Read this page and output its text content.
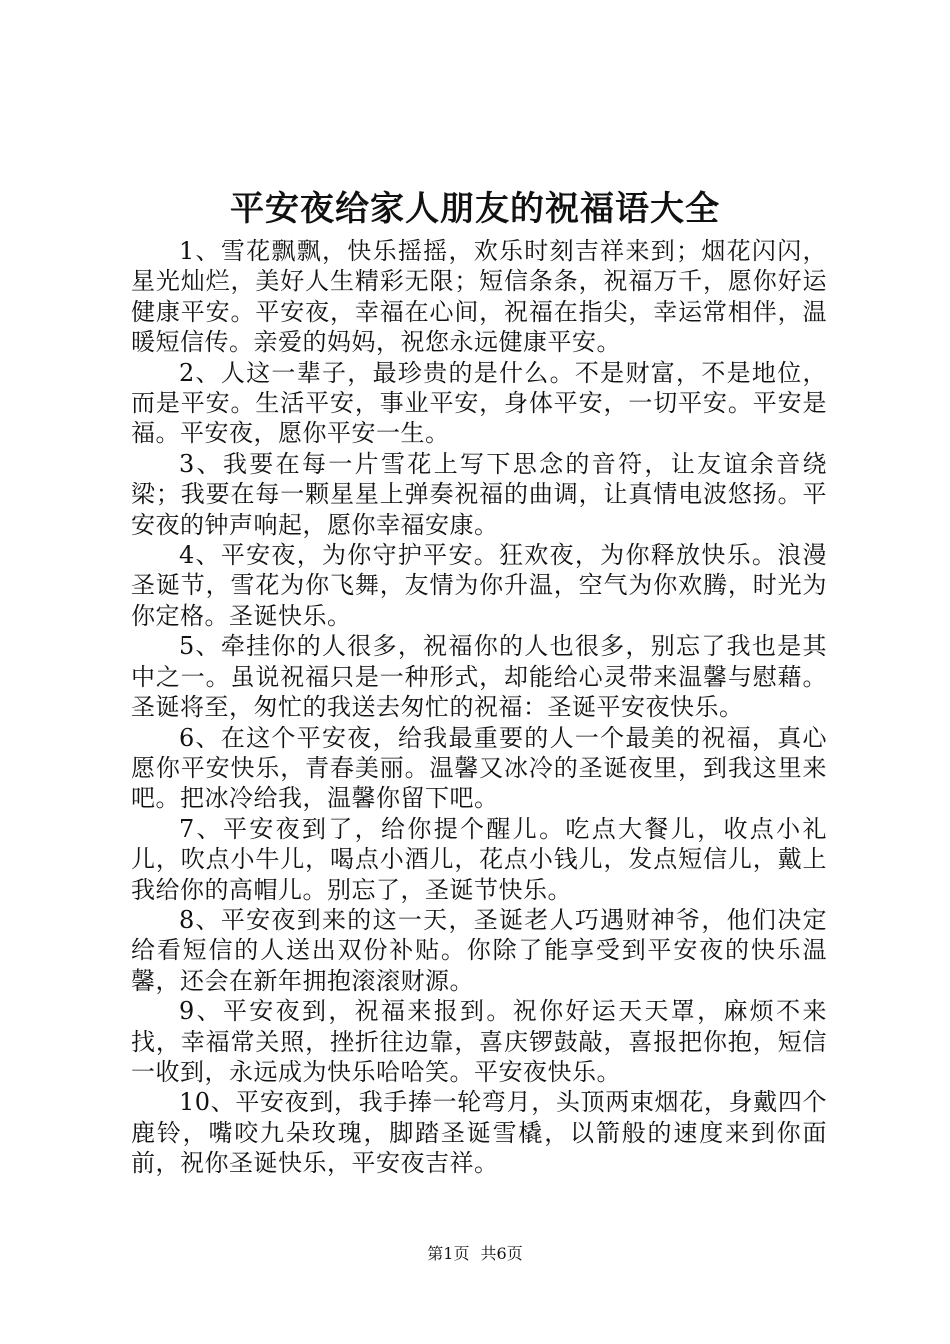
平安夜给家人朋友的祝福语大全

1、雪花飘飘，快乐摇摇，欢乐时刻吉祥来到；烟花闪闪，星光灿烂，美好人生精彩无限；短信条条，祝福万千，愿你好运健康平安。平安夜，幸福在心间，祝福在指尖，幸运常相伴，温暖短信传。亲爱的妈妈，祝您永远健康平安。

2、人这一辈子，最珍贵的是什么。不是财富，不是地位，而是平安。生活平安，事业平安，身体平安，一切平安。平安是福。平安夜，愿你平安一生。

3、我要在每一片雪花上写下思念的音符，让友谊余音绕梁；我要在每一颗星星上弹奏祝福的曲调，让真情电波悠扬。平安夜的钟声响起，愿你幸福安康。

4、平安夜，为你守护平安。狂欢夜，为你释放快乐。浪漫圣诞节，雪花为你飞舞，友情为你升温，空气为你欢腾，时光为你定格。圣诞快乐。

5、牵挂你的人很多，祝福你的人也很多，别忘了我也是其中之一。虽说祝福只是一种形式，却能给心灵带来温馨与慰藉。圣诞将至，匆忙的我送去匆忙的祝福：圣诞平安夜快乐。

6、在这个平安夜，给我最重要的人一个最美的祝福，真心愿你平安快乐，青春美丽。温馨又冰冷的圣诞夜里，到我这里来吧。把冰冷给我，温馨你留下吧。

7、平安夜到了，给你提个醒儿。吃点大餐儿，收点小礼儿，吹点小牛儿，喝点小酒儿，花点小钱儿，发点短信儿，戴上我给你的高帽儿。别忘了，圣诞节快乐。

8、平安夜到来的这一天，圣诞老人巧遇财神爷，他们决定给看短信的人送出双份补贴。你除了能享受到平安夜的快乐温馨，还会在新年拥抱滚滚财源。

9、平安夜到，祝福来报到。祝你好运天天罩，麻烦不来找，幸福常关照，挫折往边靠，喜庆锣鼓敲，喜报把你抱，短信一收到，永远成为快乐哈哈笑。平安夜快乐。

10、平安夜到，我手捧一轮弯月，头顶两束烟花，身戴四个鹿铃，嘴咬九朵玫瑰，脚踏圣诞雪橇，以箭般的速度来到你面前，祝你圣诞快乐，平安夜吉祥。

第1页 共6页
